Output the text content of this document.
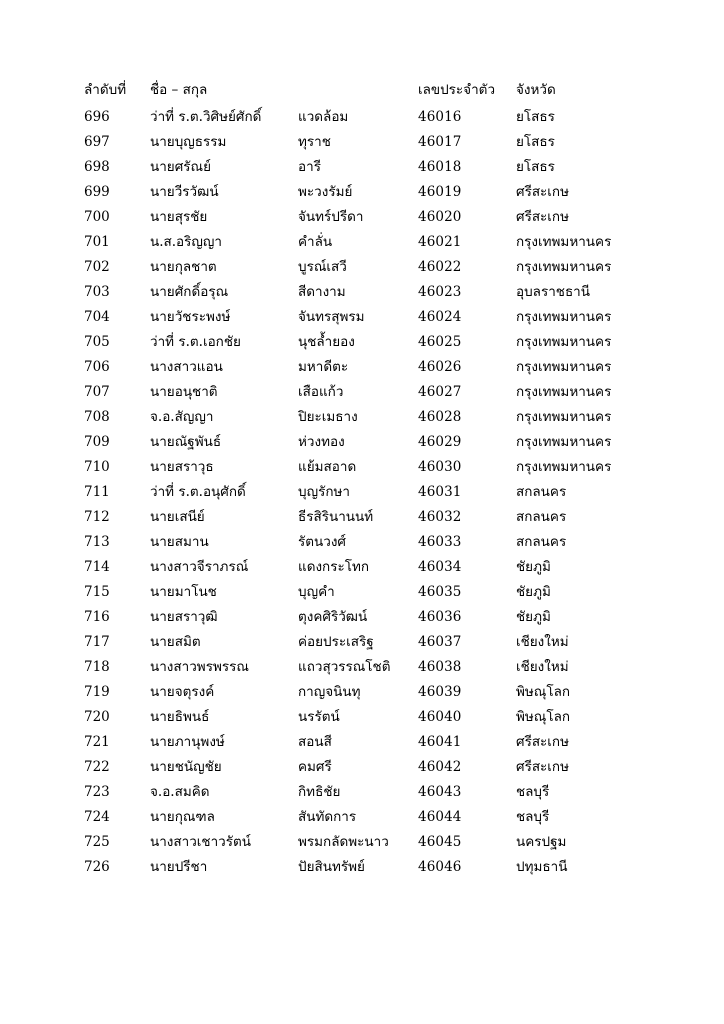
ลำดับที่	ชื่อ – สกุล		เลขประจำตัว	จังหวัด
696	ว่าที่ ร.ต.วิศิษย์ศักดิ์	แวดล้อม	46016	ยโสธร
697	นายบุญธรรม	ทุราช	46017	ยโสธร
698	นายศรัณย์	อารี	46018	ยโสธร
699	นายวีรวัฒน์	พะวงรัมย์	46019	ศรีสะเกษ
700	นายสุรชัย	จันทร์ปรีดา	46020	ศรีสะเกษ
701	น.ส.อริญญา	คำลั่น	46021	กรุงเทพมหานคร
702	นายกุลชาต	บูรณ์เสวี	46022	กรุงเทพมหานคร
703	นายศักดิ์อรุณ	สีดางาม	46023	อุบลราชธานี
704	นายวัชระพงษ์	จันทรสุพรม	46024	กรุงเทพมหานคร
705	ว่าที่ ร.ต.เอกชัย	นุชล้ำยอง	46025	กรุงเทพมหานคร
706	นางสาวแอน	มหาดีตะ	46026	กรุงเทพมหานคร
707	นายอนุชาติ	เสือแก้ว	46027	กรุงเทพมหานคร
708	จ.อ.สัญญา	ปิยะเมธาง	46028	กรุงเทพมหานคร
709	นายณัฐพันธ์	ห่วงทอง	46029	กรุงเทพมหานคร
710	นายสราวุธ	แย้มสอาด	46030	กรุงเทพมหานคร
711	ว่าที่ ร.ต.อนุศักดิ์	บุญรักษา	46031	สกลนคร
712	นายเสนีย์	ธีรสิรินานนท์	46032	สกลนคร
713	นายสมาน	รัตนวงศ์	46033	สกลนคร
714	นางสาวจีราภรณ์	แดงกระโทก	46034	ชัยภูมิ
715	นายมาโนช	บุญคำ	46035	ชัยภูมิ
716	นายสราวุฒิ	ตุงคศิริวัฒน์	46036	ชัยภูมิ
717	นายสมิต	ค่อยประเสริฐ	46037	เชียงใหม่
718	นางสาวพรพรรณ	แถวสุวรรณโชติ	46038	เชียงใหม่
719	นายจตุรงค์	กาญจนินทุ	46039	พิษณุโลก
720	นายธิพนธ์	นรรัตน์	46040	พิษณุโลก
721	นายภานุพงษ์	สอนสี	46041	ศรีสะเกษ
722	นายชนัญชัย	คมศรี	46042	ศรีสะเกษ
723	จ.อ.สมคิด	กิทธิชัย	46043	ชลบุรี
724	นายกุณฑล	สันทัดการ	46044	ชลบุรี
725	นางสาวเชาวรัตน์	พรมกลัดพะนาว	46045	นครปฐม
726	นายปรีชา	ปัยสินทรัพย์	46046	ปทุมธานี
